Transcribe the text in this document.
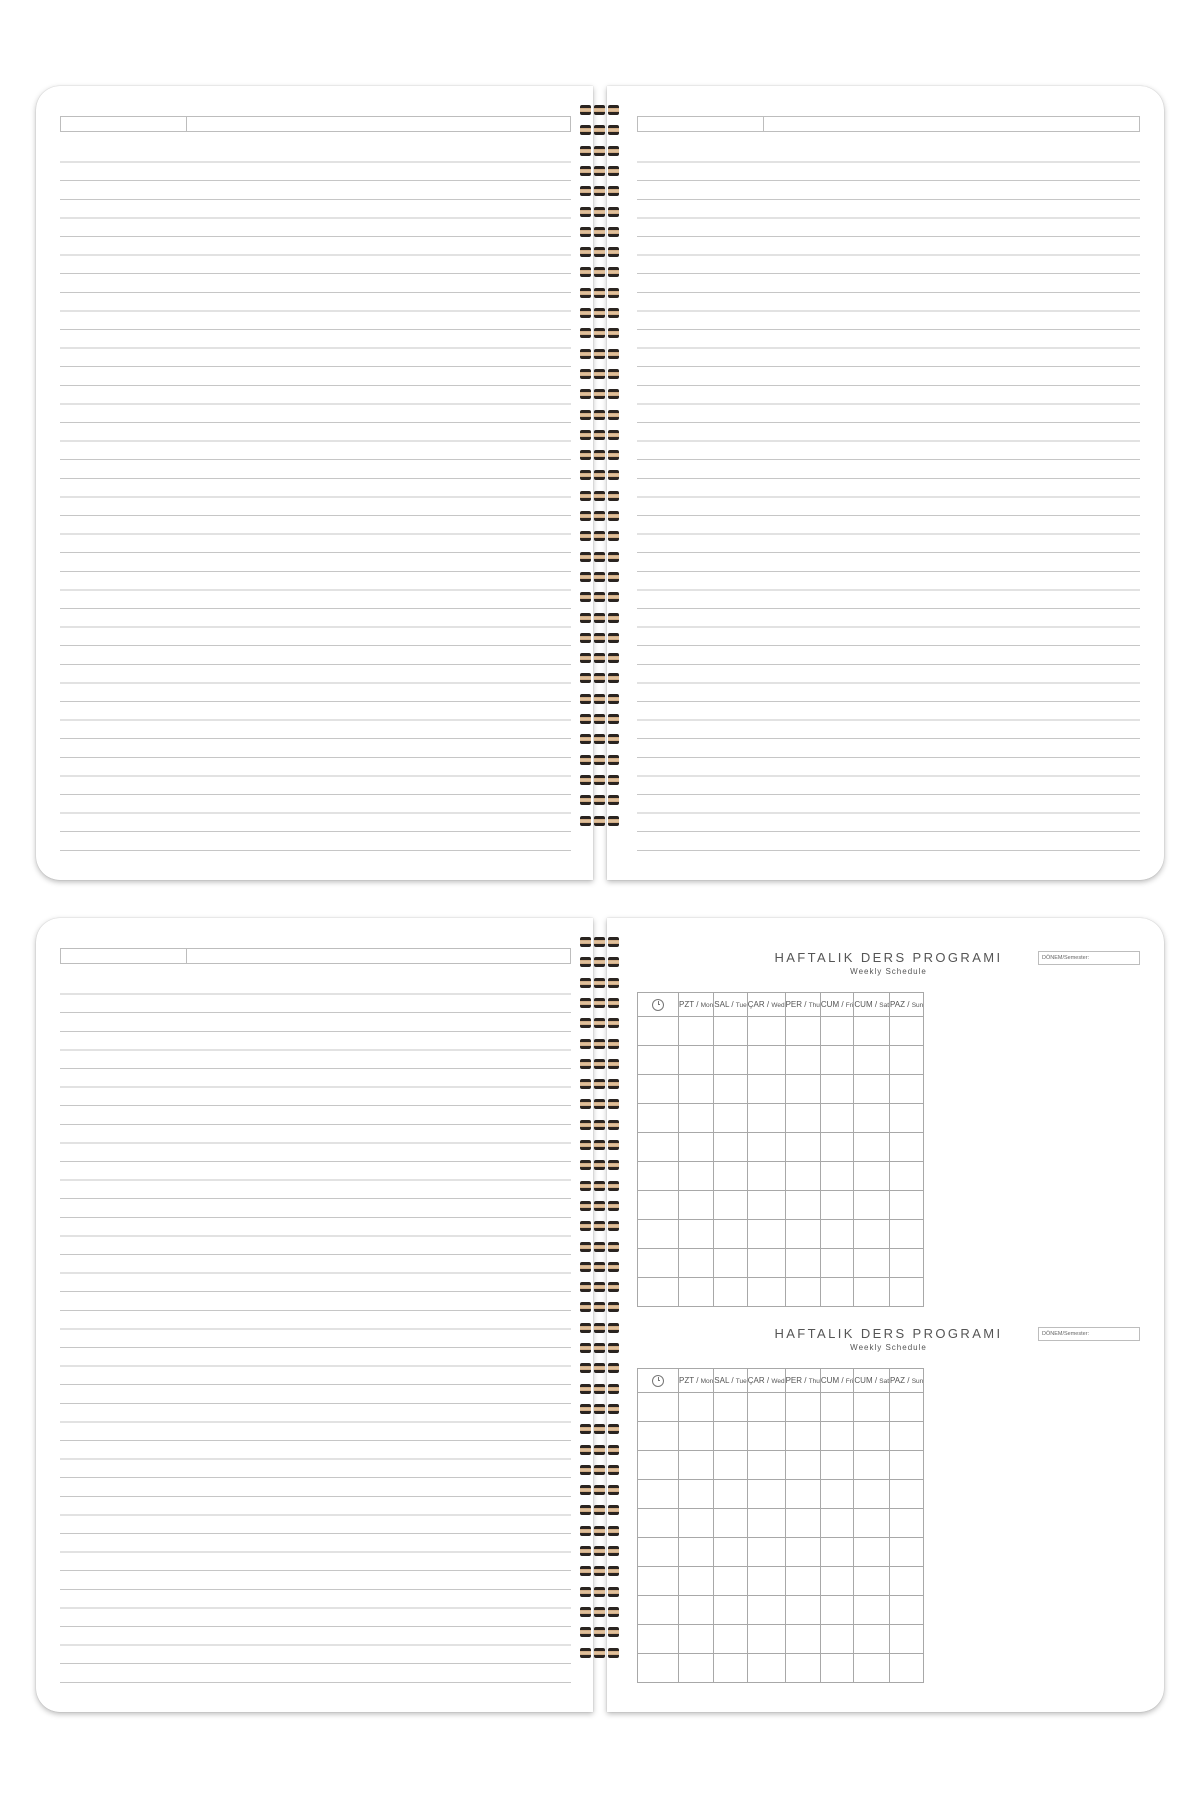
HAFTALIK DERS PROGRAMI
Weekly Schedule
DÖNEM/Semester:
	PZT / Mon	SAL / Tue	ÇAR / Wed	PER / Thu	CUM / Fri	CUM / Sat	PAZ / Sun

HAFTALIK DERS PROGRAMI
Weekly Schedule
DÖNEM/Semester:
	PZT / Mon	SAL / Tue	ÇAR / Wed	PER / Thu	CUM / Fri	CUM / Sat	PAZ / Sun
